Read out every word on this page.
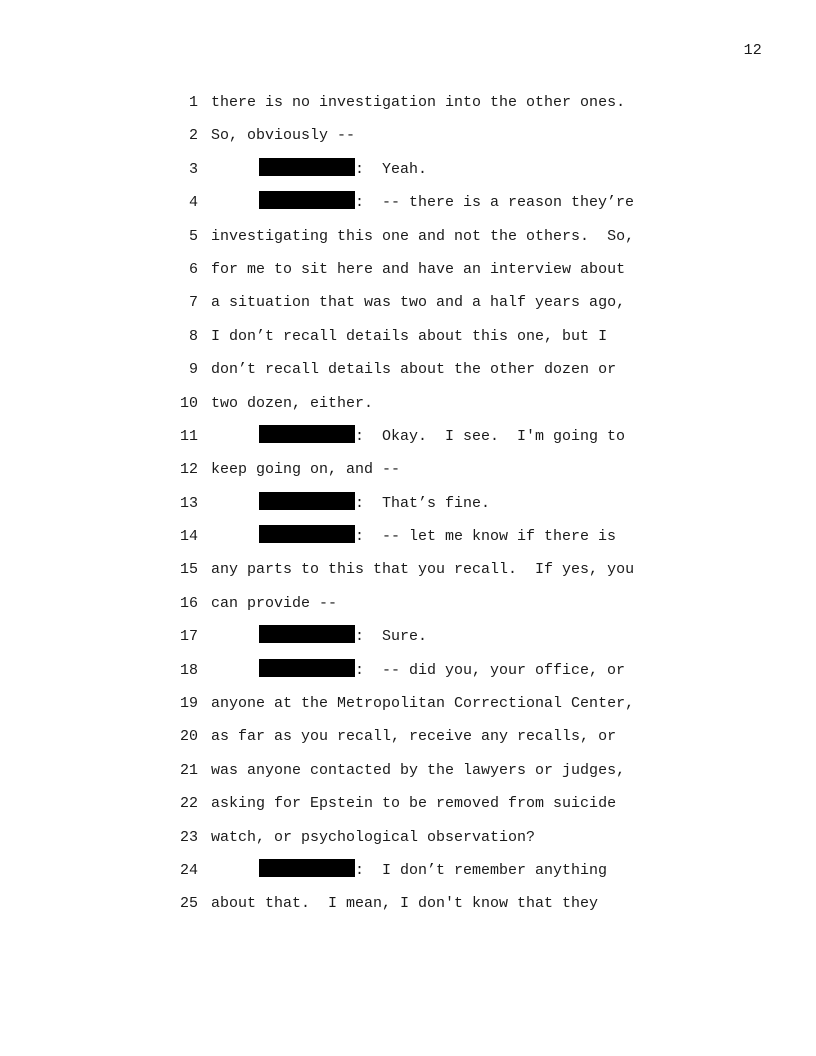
12
1 there is no investigation into the other ones.
2 So, obviously --
3	:  Yeah.
4	:  -- there is a reason they’re
5 investigating this one and not the others.  So,
6 for me to sit here and have an interview about
7 a situation that was two and a half years ago,
8 I don’t recall details about this one, but I
9 don’t recall details about the other dozen or
10 two dozen, either.
11	:  Okay.  I see.  I'm going to
12 keep going on, and --
13	:  That’s fine.
14	:  -- let me know if there is
15 any parts to this that you recall.  If yes, you
16 can provide --
17	:  Sure.
18	:  -- did you, your office, or
19 anyone at the Metropolitan Correctional Center,
20 as far as you recall, receive any recalls, or
21 was anyone contacted by the lawyers or judges,
22 asking for Epstein to be removed from suicide
23 watch, or psychological observation?
24	:  I don’t remember anything
25 about that.  I mean, I don't know that they
